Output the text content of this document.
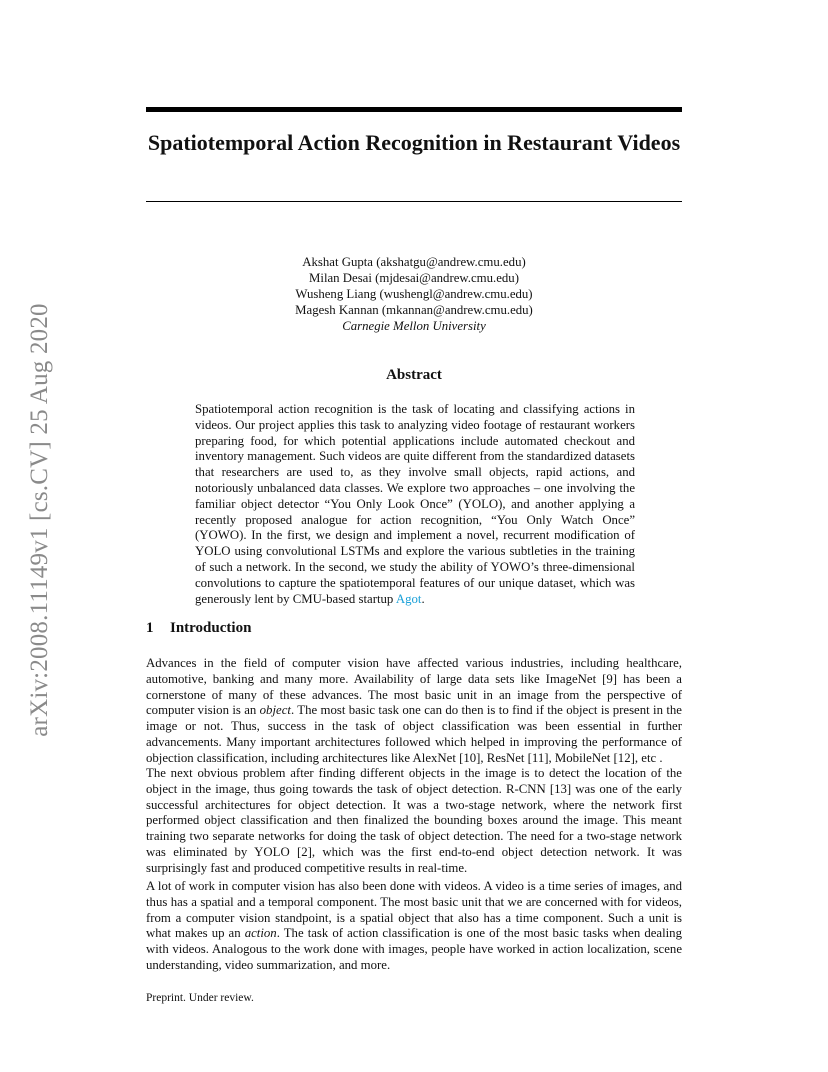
arXiv:2008.11149v1 [cs.CV] 25 Aug 2020
Spatiotemporal Action Recognition in Restaurant Videos
Akshat Gupta (akshatgu@andrew.cmu.edu)
Milan Desai (mjdesai@andrew.cmu.edu)
Wusheng Liang (wushengl@andrew.cmu.edu)
Magesh Kannan (mkannan@andrew.cmu.edu)
Carnegie Mellon University
Abstract
Spatiotemporal action recognition is the task of locating and classifying actions in videos. Our project applies this task to analyzing video footage of restaurant workers preparing food, for which potential applications include automated checkout and inventory management. Such videos are quite different from the standardized datasets that researchers are used to, as they involve small objects, rapid actions, and notoriously unbalanced data classes. We explore two approaches – one involving the familiar object detector “You Only Look Once” (YOLO), and another applying a recently proposed analogue for action recognition, “You Only Watch Once” (YOWO). In the first, we design and implement a novel, recurrent modification of YOLO using convolutional LSTMs and explore the various subtleties in the training of such a network. In the second, we study the ability of YOWO’s three-dimensional convolutions to capture the spatiotemporal features of our unique dataset, which was generously lent by CMU-based startup Agot.
1 Introduction

Advances in the field of computer vision have affected various industries, including healthcare, automotive, banking and many more. Availability of large data sets like ImageNet [9] has been a cornerstone of many of these advances. The most basic unit in an image from the perspective of computer vision is an object. The most basic task one can do then is to find if the object is present in the image or not. Thus, success in the task of object classification was been essential in further advancements. Many important architectures followed which helped in improving the performance of objection classification, including architectures like AlexNet [10], ResNet [11], MobileNet [12], etc .

The next obvious problem after finding different objects in the image is to detect the location of the object in the image, thus going towards the task of object detection. R-CNN [13] was one of the early successful architectures for object detection. It was a two-stage network, where the network first performed object classification and then finalized the bounding boxes around the image. This meant training two separate networks for doing the task of object detection. The need for a two-stage network was eliminated by YOLO [2], which was the first end-to-end object detection network. It was surprisingly fast and produced competitive results in real-time.

A lot of work in computer vision has also been done with videos. A video is a time series of images, and thus has a spatial and a temporal component. The most basic unit that we are concerned with for videos, from a computer vision standpoint, is a spatial object that also has a time component. Such a unit is what makes up an action. The task of action classification is one of the most basic tasks when dealing with videos. Analogous to the work done with images, people have worked in action localization, scene understanding, video summarization, and more.

Preprint. Under review.
